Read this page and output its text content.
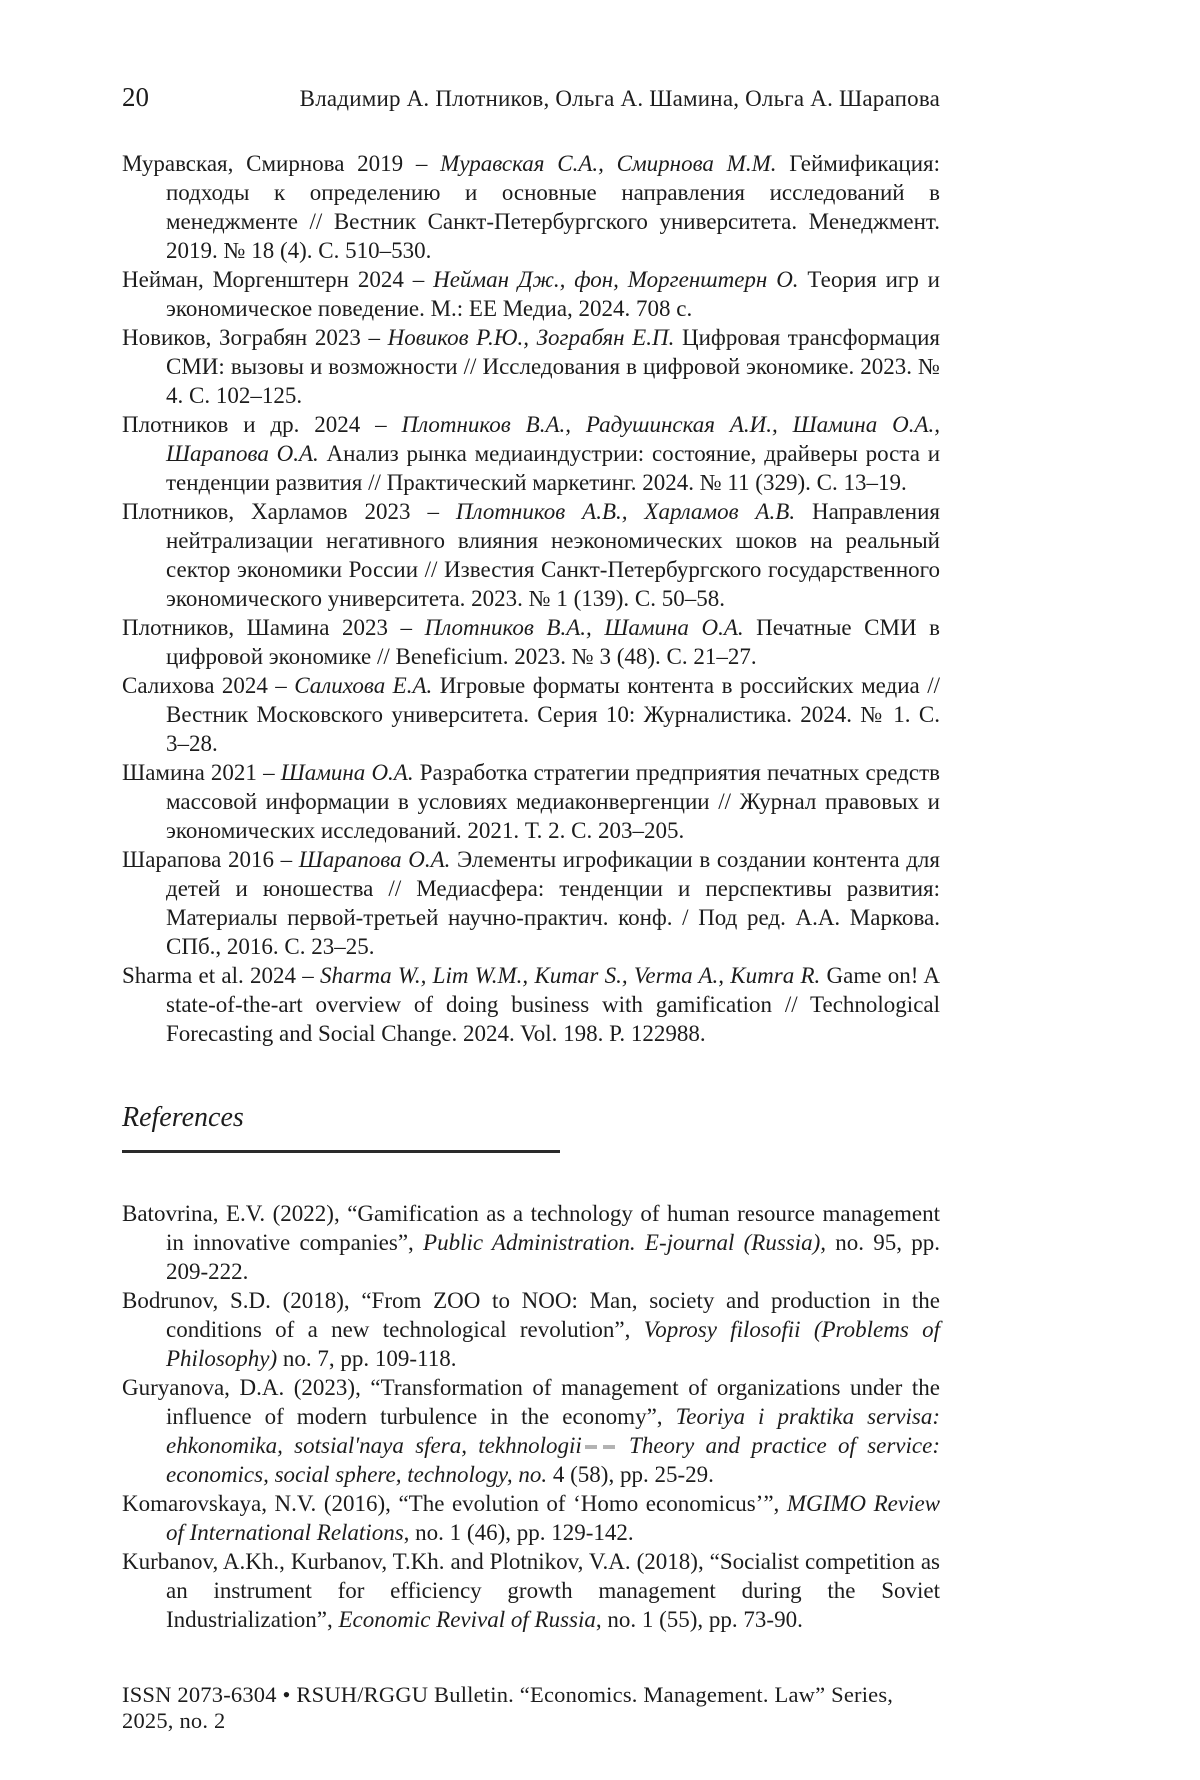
20	Владимир А. Плотников, Ольга А. Шамина, Ольга А. Шарапова

Муравская, Смирнова 2019 – Муравская С.А., Смирнова М.М. Геймификация: подходы к определению и основные направления исследований в менеджменте // Вестник Санкт-Петербургского университета. Менеджмент. 2019. № 18 (4). С. 510–530.

Нейман, Моргенштерн 2024 – Нейман Дж., фон, Моргенштерн О. Теория игр и экономическое поведение. М.: ЕЕ Медиа, 2024. 708 с.

Новиков, Зограбян 2023 – Новиков Р.Ю., Зограбян Е.П. Цифровая трансформация СМИ: вызовы и возможности // Исследования в цифровой экономике. 2023. № 4. С. 102–125.

Плотников и др. 2024 – Плотников В.А., Радушинская А.И., Шамина О.А., Шарапова О.А. Анализ рынка медиаиндустрии: состояние, драйверы роста и тенденции развития // Практический маркетинг. 2024. № 11 (329). С. 13–19.

Плотников, Харламов 2023 – Плотников А.В., Харламов А.В. Направления нейтрализации негативного влияния неэкономических шоков на реальный сектор экономики России // Известия Санкт-Петербургского государственного экономического университета. 2023. № 1 (139). С. 50–58.

Плотников, Шамина 2023 – Плотников В.А., Шамина О.А. Печатные СМИ в цифровой экономике // Beneficium. 2023. № 3 (48). С. 21–27.

Салихова 2024 – Салихова Е.А. Игровые форматы контента в российских медиа // Вестник Московского университета. Серия 10: Журналистика. 2024. № 1. С. 3–28.

Шамина 2021 – Шамина О.А. Разработка стратегии предприятия печатных средств массовой информации в условиях медиаконвергенции // Журнал правовых и экономических исследований. 2021. Т. 2. С. 203–205.

Шарапова 2016 – Шарапова О.А. Элементы игрофикации в создании контента для детей и юношества // Медиасфера: тенденции и перспективы развития: Материалы первой-третьей научно-практич. конф. / Под ред. А.А. Маркова. СПб., 2016. С. 23–25.

Sharma et al. 2024 – Sharma W., Lim W.M., Kumar S., Verma A., Kumra R. Game on! A state-of-the-art overview of doing business with gamification // Technological Forecasting and Social Change. 2024. Vol. 198. P. 122988.

References

Batovrina, E.V. (2022), “Gamification as a technology of human resource management in innovative companies”, Public Administration. E-journal (Russia), no. 95, pp. 209-222.

Bodrunov, S.D. (2018), “From ZOO to NOO: Man, society and production in the conditions of a new technological revolution”, Voprosy filosofii (Problems of Philosophy) no. 7, pp. 109-118.

Guryanova, D.A. (2023), “Transformation of management of organizations under the influence of modern turbulence in the economy”, Teoriya i praktika servisa: ehkonomika, sotsial'naya sfera, tekhnologii Theory and practice of service: economics, social sphere, technology, no. 4 (58), pp. 25-29.

Komarovskaya, N.V. (2016), “The evolution of ‘Homo economicus’”, MGIMO Review of International Relations, no. 1 (46), pp. 129-142.

Kurbanov, A.Kh., Kurbanov, T.Kh. and Plotnikov, V.A. (2018), “Socialist competition as an instrument for efficiency growth management during the Soviet Industrialization”, Economic Revival of Russia, no. 1 (55), pp. 73-90.

ISSN 2073-6304 • RSUH/RGGU Bulletin. “Economics. Management. Law” Series, 2025, no. 2
